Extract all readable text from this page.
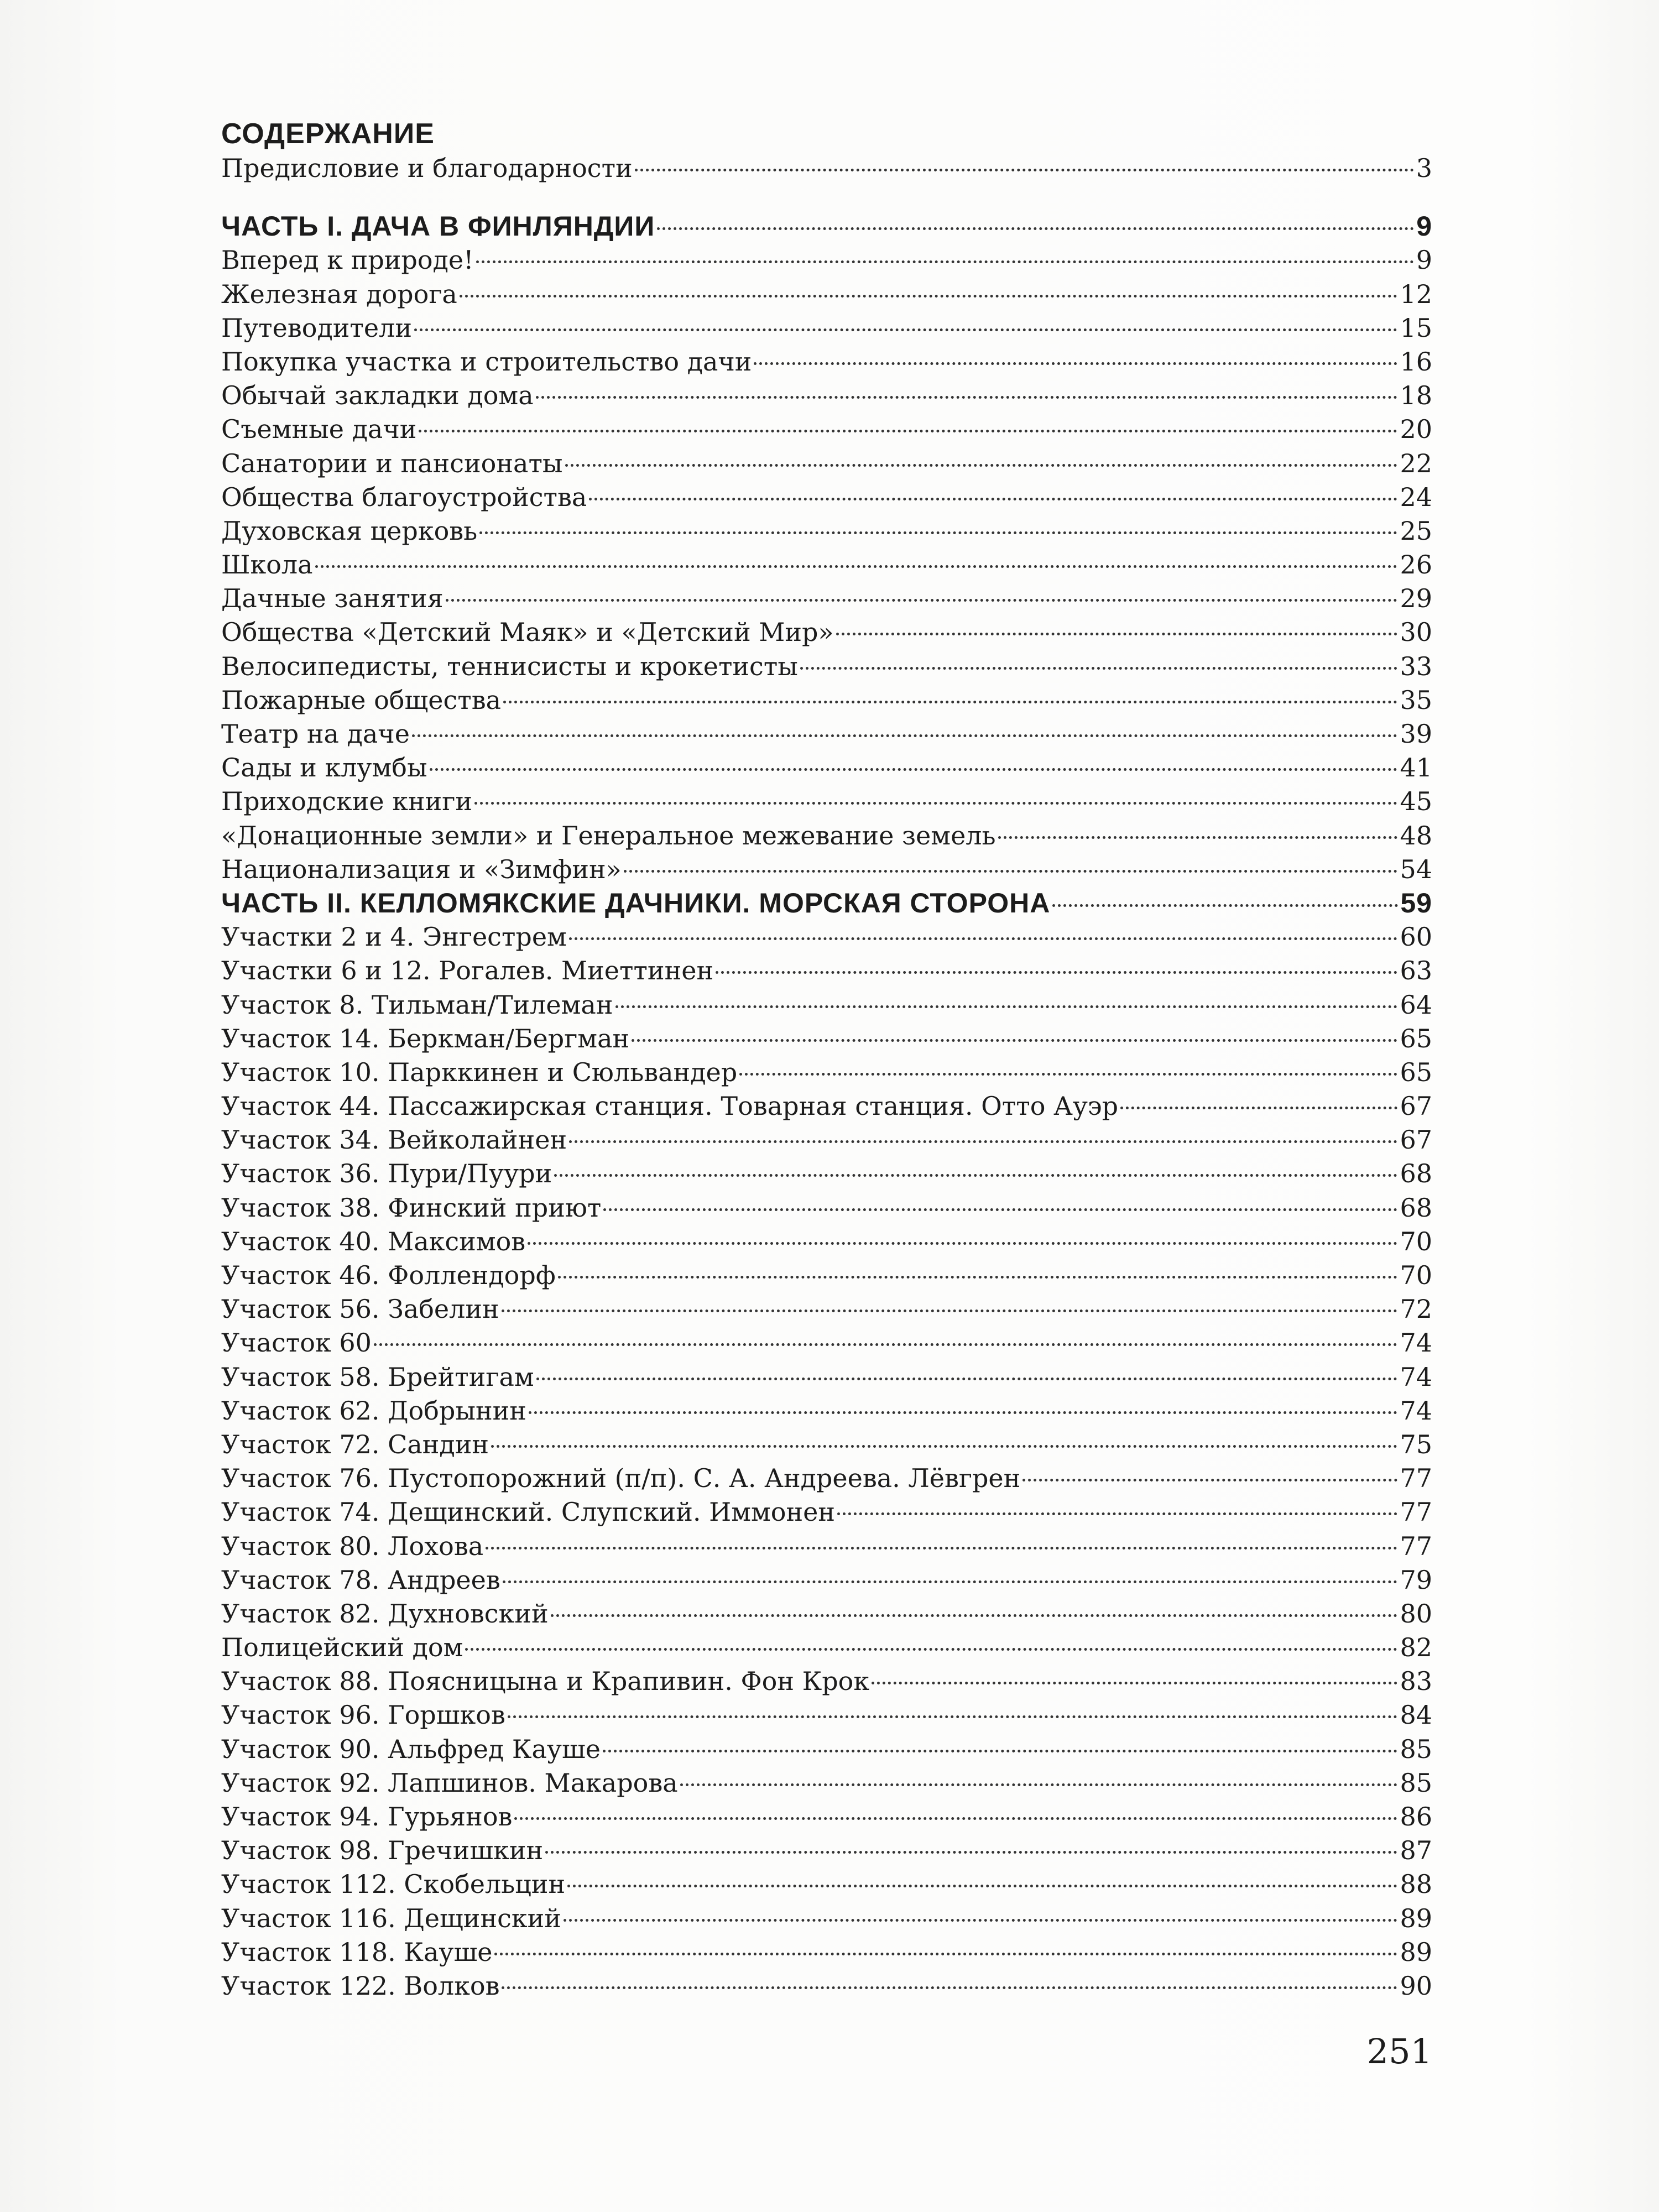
СОДЕРЖАНИЕ
Предисловие и благодарности	3
ЧАСТЬ I. ДАЧА В ФИНЛЯНДИИ	9
Вперед к природе!	9
Железная дорога	12
Путеводители	15
Покупка участка и строительство дачи	16
Обычай закладки дома	18
Съемные дачи	20
Санатории и пансионаты	22
Общества благоустройства	24
Духовская церковь	25
Школа	26
Дачные занятия	29
Общества «Детский Маяк» и «Детский Мир»	30
Велосипедисты, теннисисты и крокетисты	33
Пожарные общества	35
Театр на даче	39
Сады и клумбы	41
Приходские книги	45
«Донационные земли» и Генеральное межевание земель	48
Национализация и «Зимфин»	54
ЧАСТЬ II. КЕЛЛОМЯКСКИЕ ДАЧНИКИ. МОРСКАЯ СТОРОНА	59
Участки 2 и 4. Энгестрем	60
Участки 6 и 12. Рогалев. Миеттинен	63
Участок 8. Тильман/Тилеман	64
Участок 14. Беркман/Бергман	65
Участок 10. Парккинен и Сюльвандер	65
Участок 44. Пассажирская станция. Товарная станция. Отто Ауэр	67
Участок 34. Вейколайнен	67
Участок 36. Пури/Пуури	68
Участок 38. Финский приют	68
Участок 40. Максимов	70
Участок 46. Фоллендорф	70
Участок 56. Забелин	72
Участок 60	74
Участок 58. Брейтигам	74
Участок 62. Добрынин	74
Участок 72. Сандин	75
Участок 76. Пустопорожний (п/п). С. А. Андреева. Лёвгрен	77
Участок 74. Дещинский. Слупский. Иммонен	77
Участок 80. Лохова	77
Участок 78. Андреев	79
Участок 82. Духновский	80
Полицейский дом	82
Участок 88. Поясницына и Крапивин. Фон Крок	83
Участок 96. Горшков	84
Участок 90. Альфред Кауше	85
Участок 92. Лапшинов. Макарова	85
Участок 94. Гурьянов	86
Участок 98. Гречишкин	87
Участок 112. Скобельцин	88
Участок 116. Дещинский	89
Участок 118. Кауше	89
Участок 122. Волков	90
251
